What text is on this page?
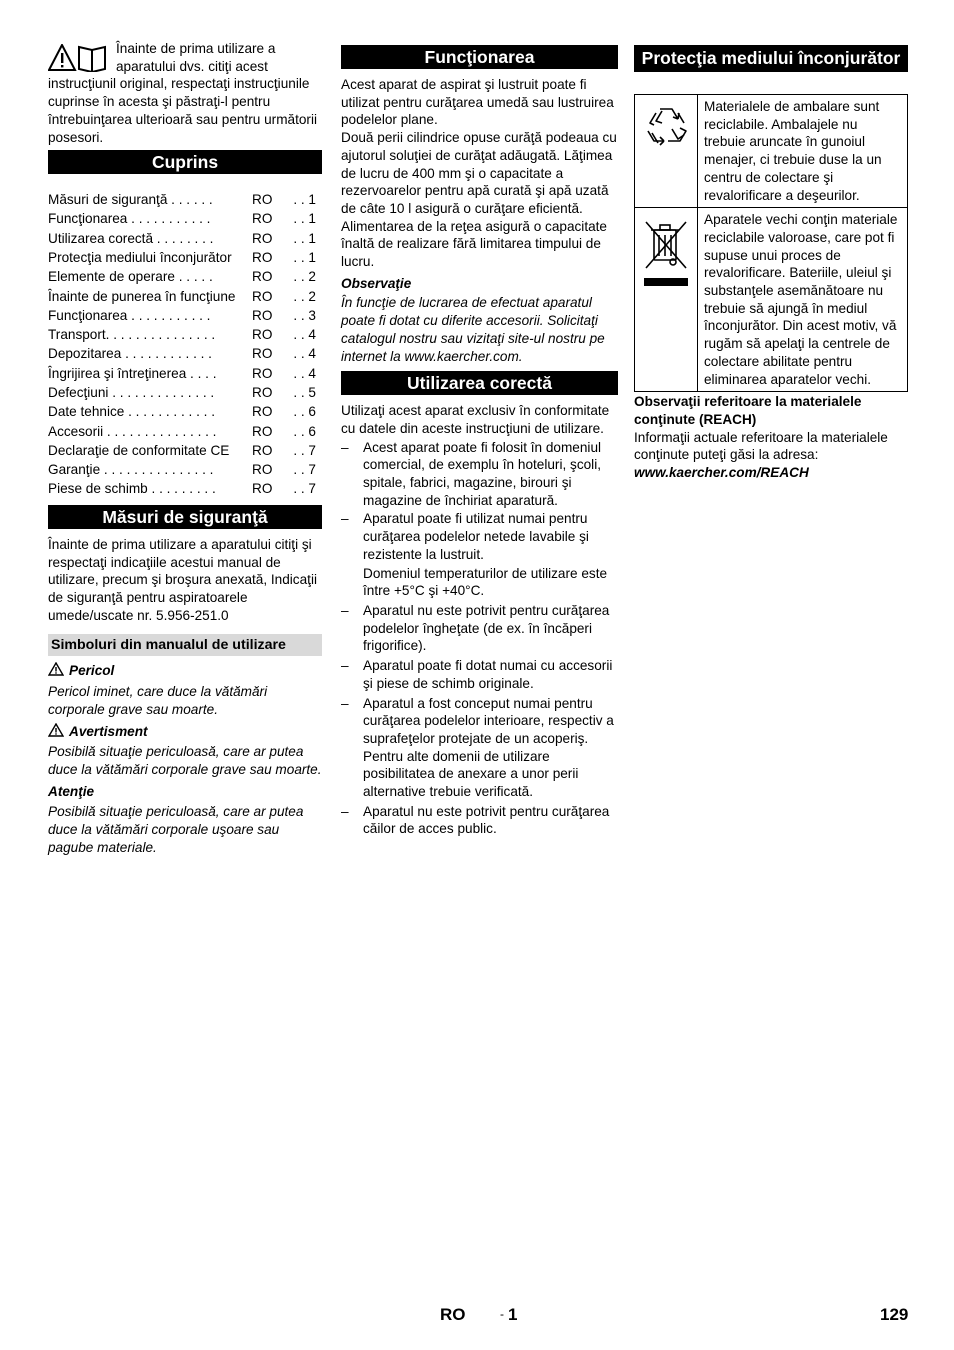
Înainte de prima utilizare a aparatului dvs. citiţi acest instrucţiunil original, respectaţi instrucţiunile cuprinse în acesta şi păstraţi-l pentru întrebuinţarea ulterioară sau pentru următorii posesori.

Cuprins
Măsuri de siguranţă . . . . . .	RO	. . 1
Funcţionarea . . . . . . . . . . .	RO	. . 1
Utilizarea corectă . . . . . . . .	RO	. . 1
Protecţia mediului înconjurător	RO	. . 1
Elemente de operare . . . . .	RO	. . 2
Înainte de punerea în funcţiune	RO	. . 2
Funcţionarea . . . . . . . . . . .	RO	. . 3
Transport. . . . . . . . . . . . . . .	RO	. . 4
Depozitarea . . . . . . . . . . . .	RO	. . 4
Îngrijirea şi întreţinerea . . . .	RO	. . 4
Defecţiuni . . . . . . . . . . . . . .	RO	. . 5
Date tehnice . . . . . . . . . . . .	RO	. . 6
Accesorii . . . . . . . . . . . . . . .	RO	. . 6
Declaraţie de conformitate CE	RO	. . 7
Garanţie . . . . . . . . . . . . . . .	RO	. . 7
Piese de schimb . . . . . . . . .	RO	. . 7
Măsuri de siguranţă

Înainte de prima utilizare a aparatului citiţi şi respectaţi indicaţiile acestui manual de utilizare, precum şi broşura anexată, Indicaţii de siguranţă pentru aspiratoarele umede/uscate nr. 5.956-251.0

Simboluri din manualul de utilizare

Pericol

Pericol iminet, care duce la vătămări corporale grave sau moarte.

Avertisment

Posibilă situaţie periculoasă, care ar putea duce la vătămări corporale grave sau moarte.

Atenţie

Posibilă situaţie periculoasă, care ar putea duce la vătămări corporale uşoare sau pagube materiale.

Funcţionarea

Acest aparat de aspirat şi lustruit poate fi utilizat pentru curăţarea umedă sau lustruirea podelelor plane.

Două perii cilindrice opuse curăţă podeaua cu ajutorul soluţiei de curăţat adăugată. Lăţimea de lucru de 400 mm şi o capacitate a rezervoarelor pentru apă curată şi apă uzată de câte 10 l asigură o curăţare eficientă. Alimentarea de la reţea asigură o capacitate înaltă de realizare fără limitarea timpului de lucru.

Observaţie

În funcţie de lucrarea de efectuat aparatul poate fi dotat cu diferite accesorii. Solicitaţi catalogul nostru sau vizitaţi site-ul nostru pe internet la www.kaercher.com.

Utilizarea corectă

Utilizaţi acest aparat exclusiv în conformitate cu datele din aceste instrucţiuni de utilizare.

– Acest aparat poate fi folosit în domeniul comercial, de exemplu în hoteluri, şcoli, spitale, fabrici, magazine, birouri şi magazine de închiriat aparatură.
– Aparatul poate fi utilizat numai pentru curăţarea podelelor netede lavabile şi rezistente la lustruit.

Domeniul temperaturilor de utilizare este între +5°C şi +40°C.
– Aparatul nu este potrivit pentru curăţarea podelelor îngheţate (de ex. în încăperi frigorifice).
– Aparatul poate fi dotat numai cu accesorii şi piese de schimb originale.
– Aparatul a fost conceput numai pentru curăţarea podelelor interioare, respectiv a suprafeţelor protejate de un acoperiş. Pentru alte domenii de utilizare posibilitatea de anexare a unor perii alternative trebuie verificată.
– Aparatul nu este potrivit pentru curăţarea căilor de acces public.
Protecţia mediului înconjurător
	Materialele de ambalare sunt reciclabile. Ambalajele nu trebuie aruncate în gunoiul menajer, ci trebuie duse la un centru de colectare şi revalorificare a deşeurilor.
	Aparatele vechi conţin materiale reciclabile valoroase, care pot fi supuse unui proces de revalorificare. Bateriile, uleiul şi substanţele asemănătoare nu trebuie să ajungă în mediul înconjurător. Din acest motiv, vă rugăm să apelaţi la centrele de colectare abilitate pentru eliminarea aparatelor vechi.

Observaţii referitoare la materialele conţinute (REACH)

Informaţii actuale referitoare la materialele conţinute puteţi găsi la adresa:

www.kaercher.com/REACH

RO	- 1	129
